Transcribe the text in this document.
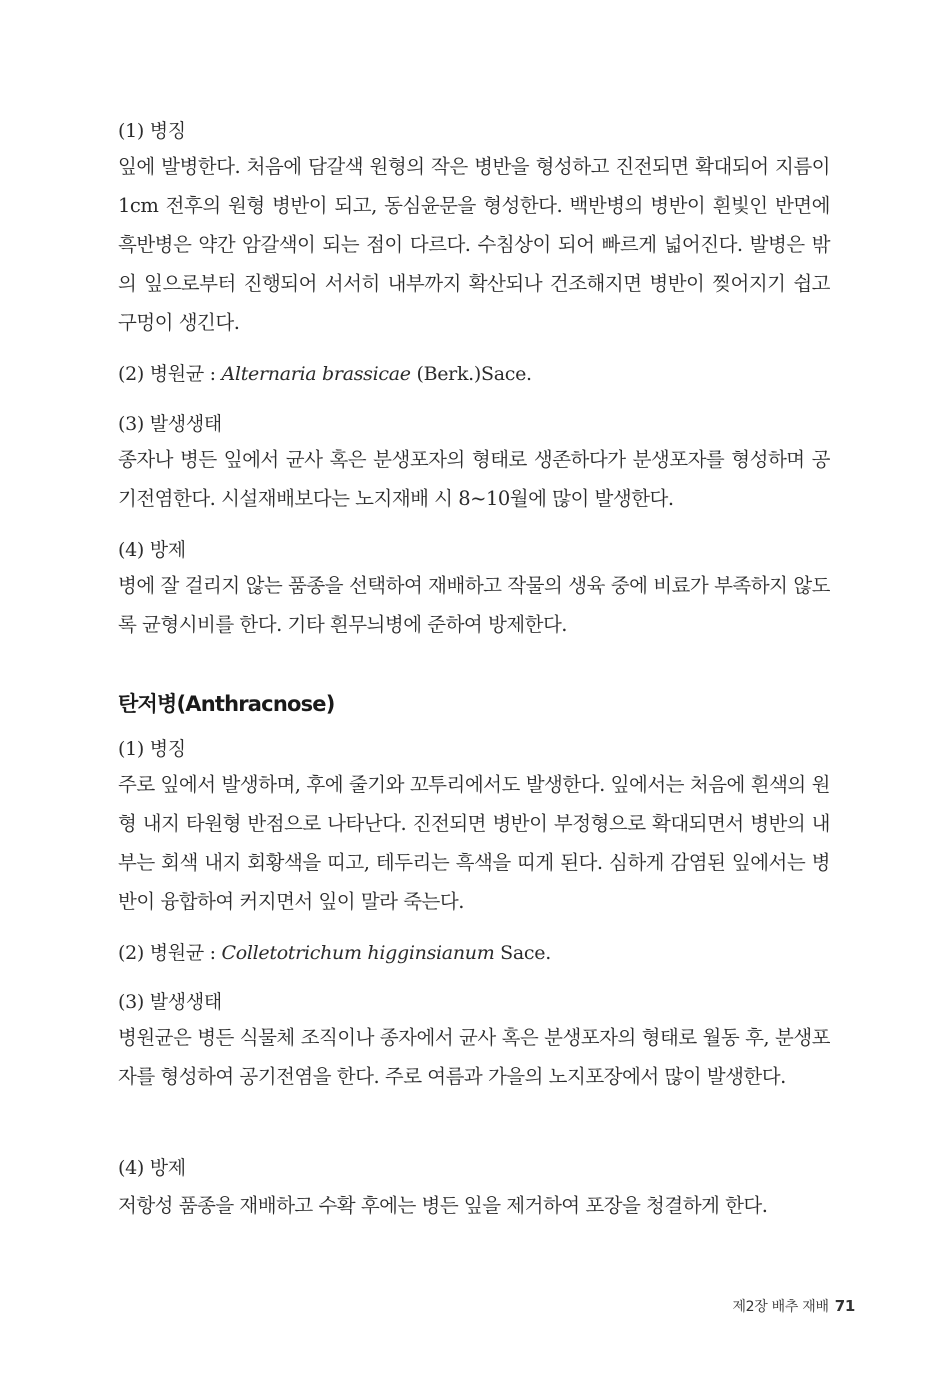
(1) 병징
잎에 발병한다. 처음에 담갈색 원형의 작은 병반을 형성하고 진전되면 확대되어 지름이 1cm 전후의 원형 병반이 되고, 동심윤문을 형성한다. 백반병의 병반이 흰빛인 반면에 흑반병은 약간 암갈색이 되는 점이 다르다. 수침상이 되어 빠르게 넓어진다. 발병은 밖의 잎으로부터 진행되어 서서히 내부까지 확산되나 건조해지면 병반이 찢어지기 쉽고 구멍이 생긴다.
(2) 병원균 : Alternaria brassicae (Berk.)Sace.
(3) 발생생태
종자나 병든 잎에서 균사 혹은 분생포자의 형태로 생존하다가 분생포자를 형성하며 공기전염한다. 시설재배보다는 노지재배 시 8~10월에 많이 발생한다.
(4) 방제
병에 잘 걸리지 않는 품종을 선택하여 재배하고 작물의 생육 중에 비료가 부족하지 않도록 균형시비를 한다. 기타 흰무늬병에 준하여 방제한다.
탄저병(Anthracnose)
(1) 병징
주로 잎에서 발생하며, 후에 줄기와 꼬투리에서도 발생한다. 잎에서는 처음에 흰색의 원형 내지 타원형 반점으로 나타난다. 진전되면 병반이 부정형으로 확대되면서 병반의 내부는 회색 내지 회황색을 띠고, 테두리는 흑색을 띠게 된다. 심하게 감염된 잎에서는 병반이 융합하여 커지면서 잎이 말라 죽는다.
(2) 병원균 : Colletotrichum higginsianum Sace.
(3) 발생생태
병원균은 병든 식물체 조직이나 종자에서 균사 혹은 분생포자의 형태로 월동 후, 분생포자를 형성하여 공기전염을 한다. 주로 여름과 가을의 노지포장에서 많이 발생한다.
(4) 방제
저항성 품종을 재배하고 수확 후에는 병든 잎을 제거하여 포장을 청결하게 한다.
제2장 배추 재배 71
